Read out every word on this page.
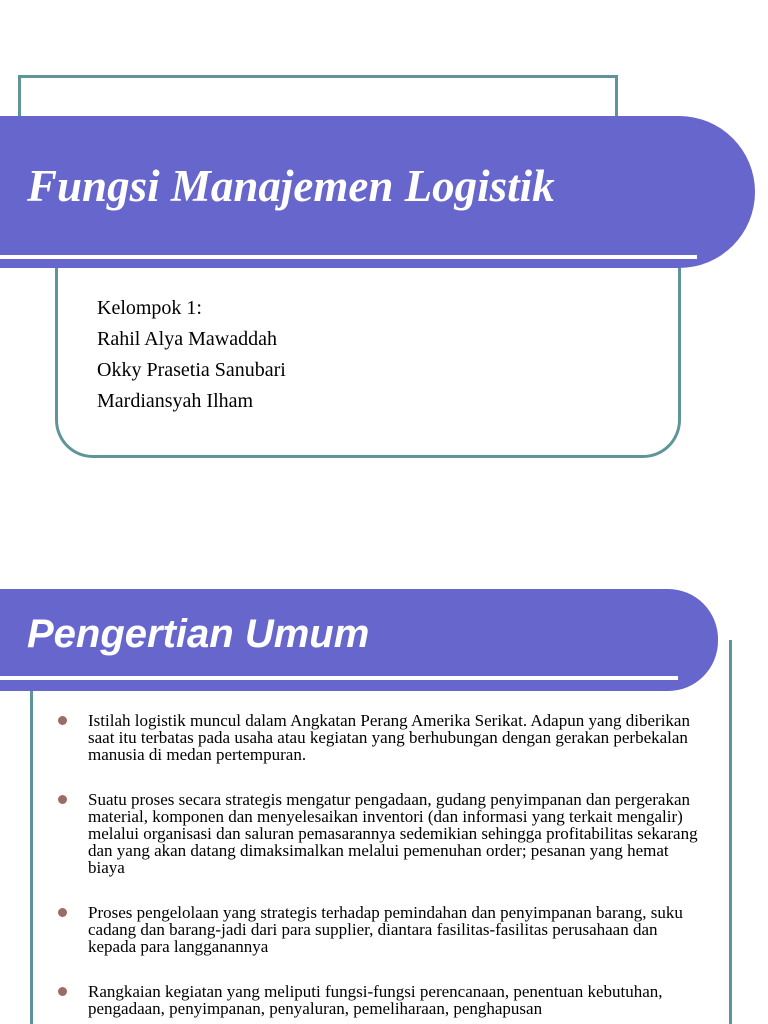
Fungsi Manajemen Logistik
Kelompok 1:
Rahil Alya Mawaddah
Okky Prasetia Sanubari
Mardiansyah Ilham
Pengertian Umum
Istilah logistik muncul dalam Angkatan Perang Amerika Serikat. Adapun yang diberikan saat itu terbatas pada usaha atau kegiatan yang berhubungan dengan gerakan perbekalan manusia di medan pertempuran.
Suatu proses secara strategis mengatur pengadaan, gudang penyimpanan dan pergerakan material, komponen dan menyelesaikan inventori (dan informasi yang terkait mengalir) melalui organisasi dan saluran pemasarannya sedemikian sehingga profitabilitas sekarang dan yang akan datang dimaksimalkan melalui pemenuhan order; pesanan yang hemat biaya
Proses pengelolaan yang strategis terhadap pemindahan dan penyimpanan barang, suku cadang dan barang-jadi dari para supplier, diantara fasilitas-fasilitas perusahaan dan kepada para langganannya
Rangkaian kegiatan yang meliputi fungsi-fungsi perencanaan, penentuan kebutuhan, pengadaan, penyimpanan, penyaluran, pemeliharaan, penghapusan
